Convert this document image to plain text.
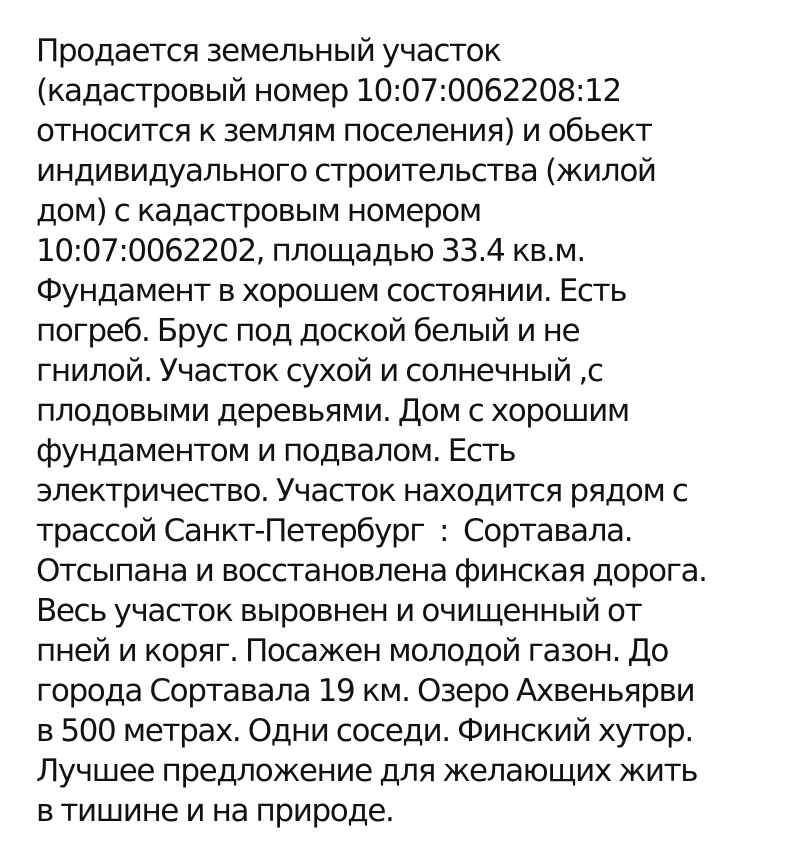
Продается земельный участок
(кадастровый номер 10:07:0062208:12
относится к землям поселения) и обьект
индивидуального строительства (жилой
дом) с кадастровым номером
10:07:0062202, площадью 33.4 кв.м.
Фундамент в хорошем состоянии. Есть
погреб. Брус под доской белый и не
гнилой. Участок сухой и солнечный ,с
плодовыми деревьями. Дом с хорошим
фундаментом и подвалом. Есть
электричество. Участок находится рядом с
трассой Санкт-Петербург  :  Сортавала.
Отсыпана и восстановлена финская дорога.
Весь участок выровнен и очищенный от
пней и коряг. Посажен молодой газон. До
города Сортавала 19 км. Озеро Ахвеньярви
в 500 метрах. Одни соседи. Финский хутор.
Лучшее предложение для желающих жить
в тишине и на природе.
